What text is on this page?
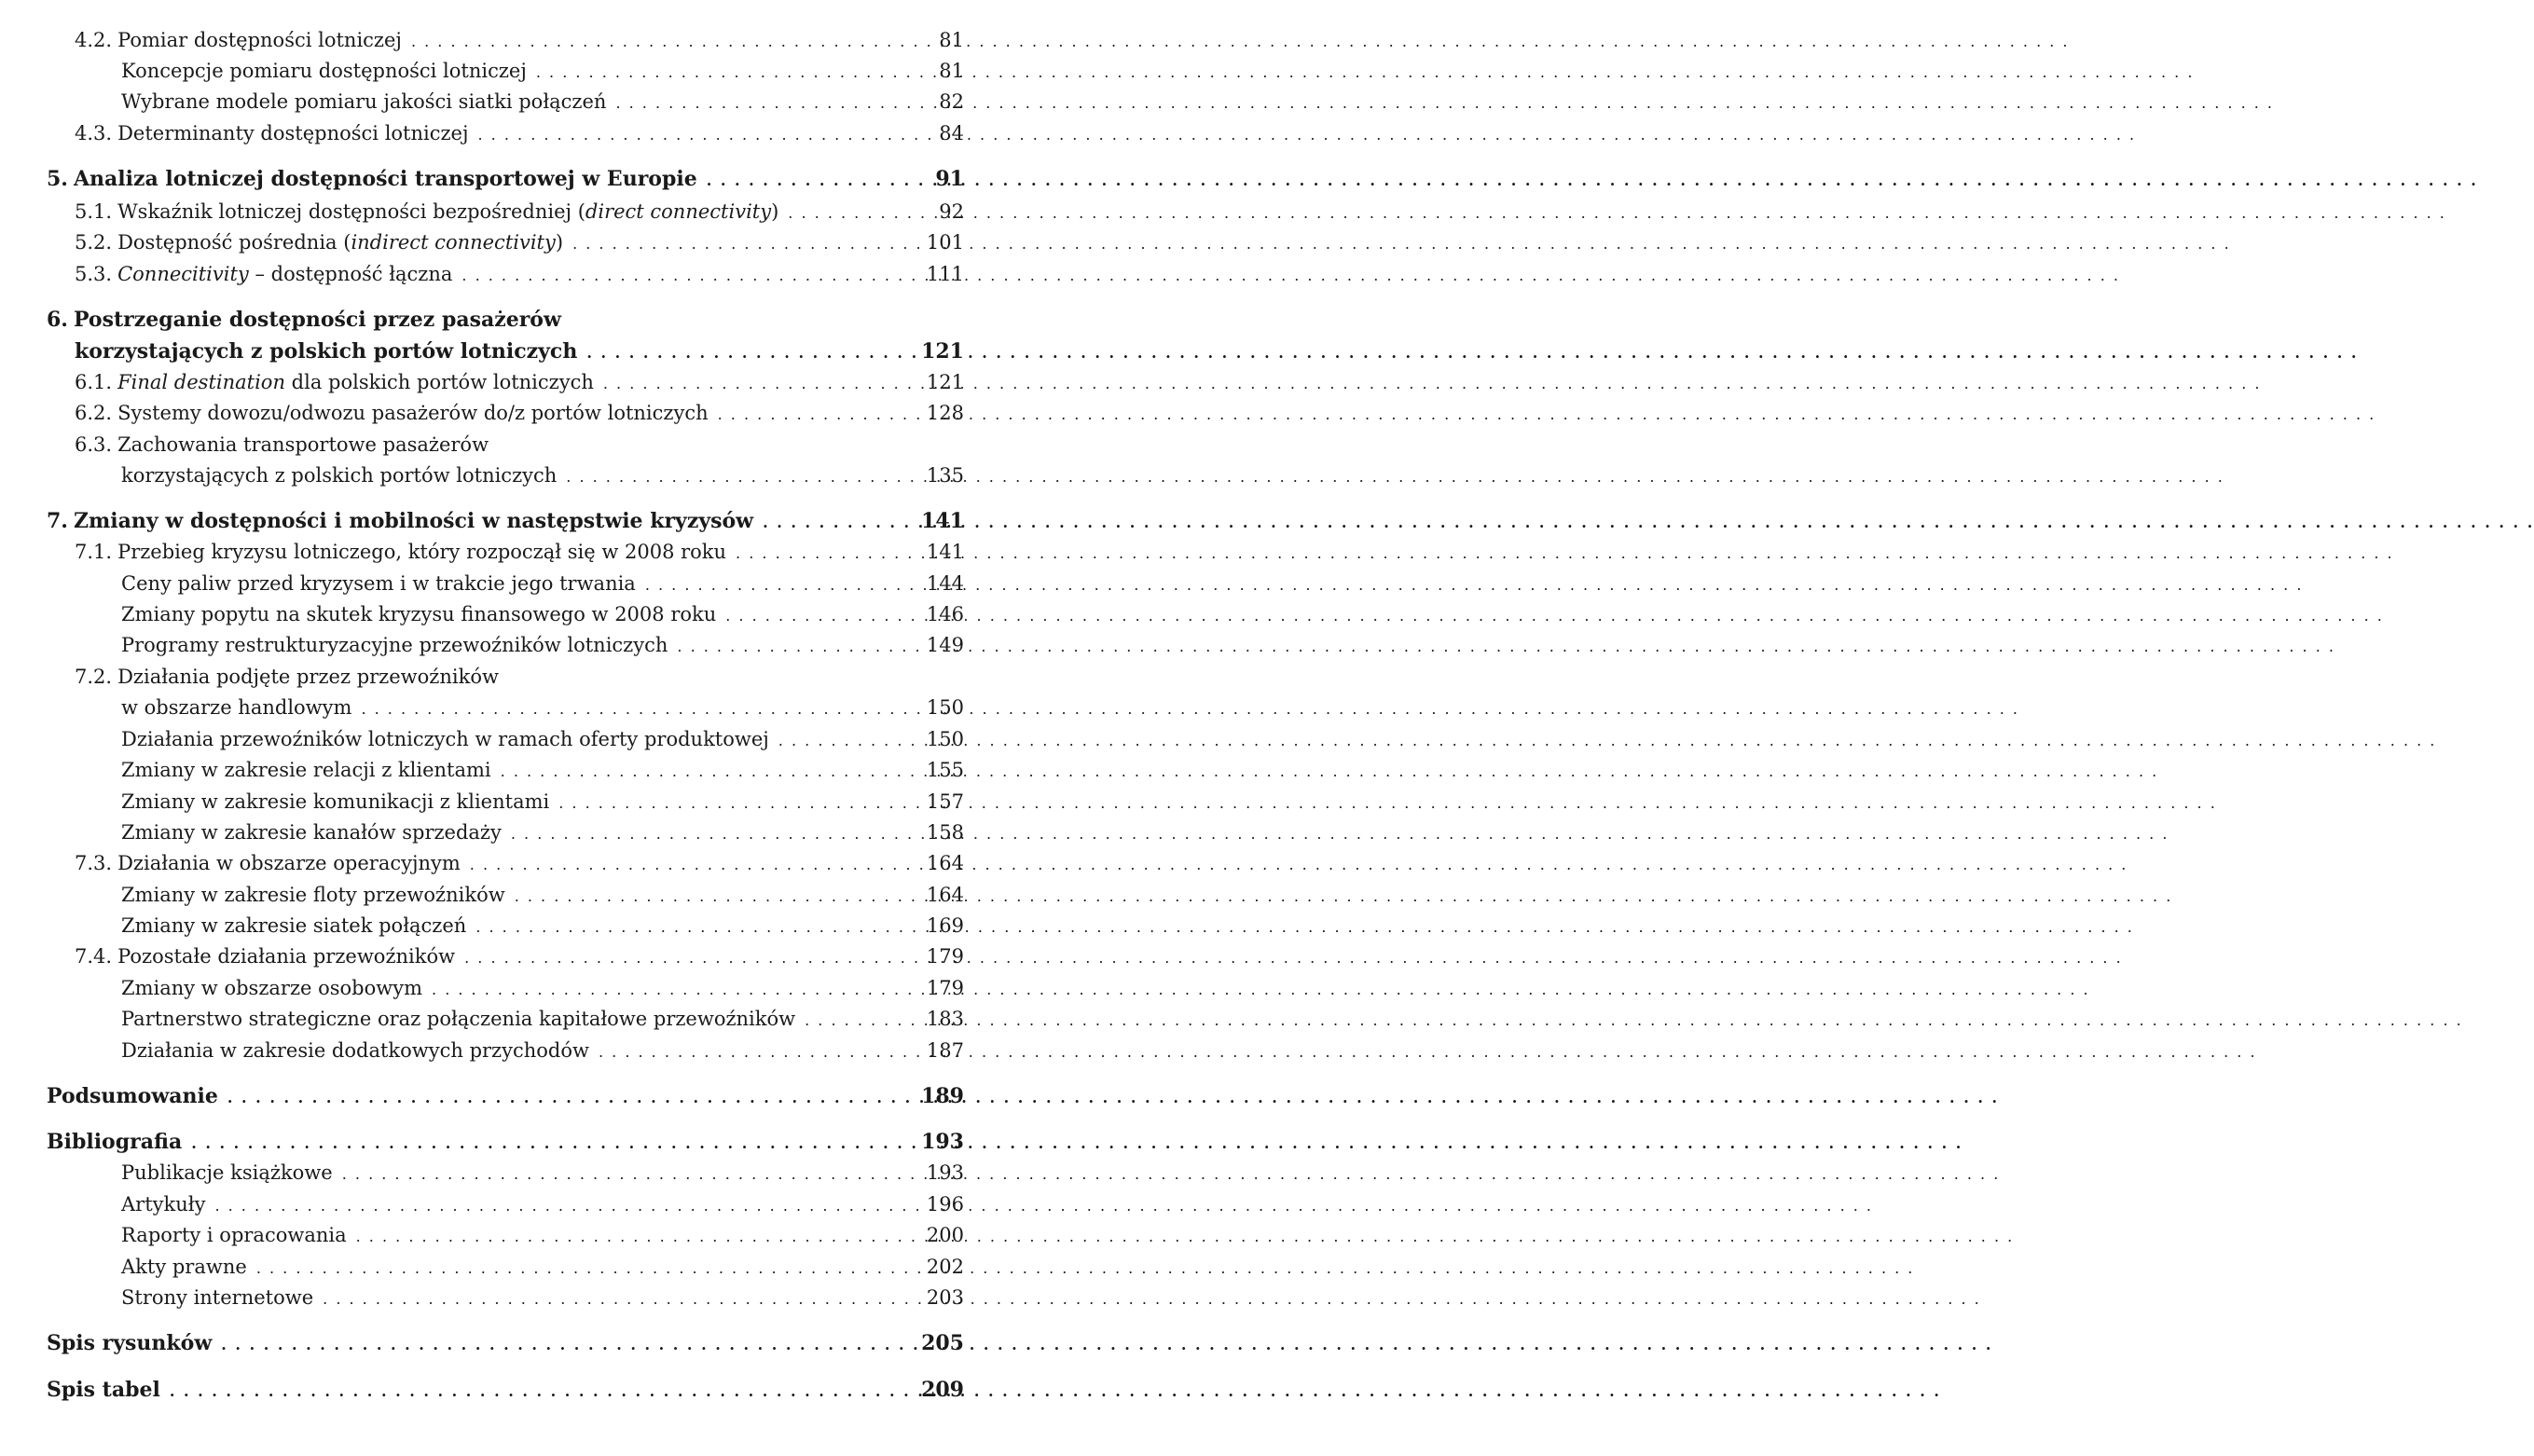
4.2. Pomiar dostępności lotniczej . . .	81
Koncepcje pomiaru dostępności lotniczej . . .	81
Wybrane modele pomiaru jakości siatki połączeń . . .	82
4.3. Determinanty dostępności lotniczej . . .	84
5. Analiza lotniczej dostępności transportowej w Europie . . .	91
5.1. Wskaźnik lotniczej dostępności bezpośredniej (direct connectivity) . . .	92
5.2. Dostępność pośrednia (indirect connectivity) . . .	101
5.3. Connecitivity – dostępność łączna . . .	111
6. Postrzeganie dostępności przez pasażerów
korzystających z polskich portów lotniczych . . .	121
6.1. Final destination dla polskich portów lotniczych . . .	121
6.2. Systemy dowozu/odwozu pasażerów do/z portów lotniczych . . .	128
6.3. Zachowania transportowe pasażerów
korzystających z polskich portów lotniczych . . .	135
7. Zmiany w dostępności i mobilności w następstwie kryzysów . . .	141
7.1. Przebieg kryzysu lotniczego, który rozpoczął się w 2008 roku . . .	141
Ceny paliw przed kryzysem i w trakcie jego trwania . . .	144
Zmiany popytu na skutek kryzysu finansowego w 2008 roku . . .	146
Programy restrukturyzacyjne przewoźników lotniczych . . .	149
7.2. Działania podjęte przez przewoźników
w obszarze handlowym . . .	150
Działania przewoźników lotniczych w ramach oferty produktowej . . .	150
Zmiany w zakresie relacji z klientami . . .	155
Zmiany w zakresie komunikacji z klientami . . .	157
Zmiany w zakresie kanałów sprzedaży . . .	158
7.3. Działania w obszarze operacyjnym . . .	164
Zmiany w zakresie floty przewoźników . . .	164
Zmiany w zakresie siatek połączeń . . .	169
7.4. Pozostałe działania przewoźników . . .	179
Zmiany w obszarze osobowym . . .	179
Partnerstwo strategiczne oraz połączenia kapitałowe przewoźników . . .	183
Działania w zakresie dodatkowych przychodów . . .	187
Podsumowanie . . .	189
Bibliografia . . .	193
Publikacje książkowe . . .	193
Artykuły . . .	196
Raporty i opracowania . . .	200
Akty prawne . . .	202
Strony internetowe . . .	203
Spis rysunków . . .	205
Spis tabel . . .	209
